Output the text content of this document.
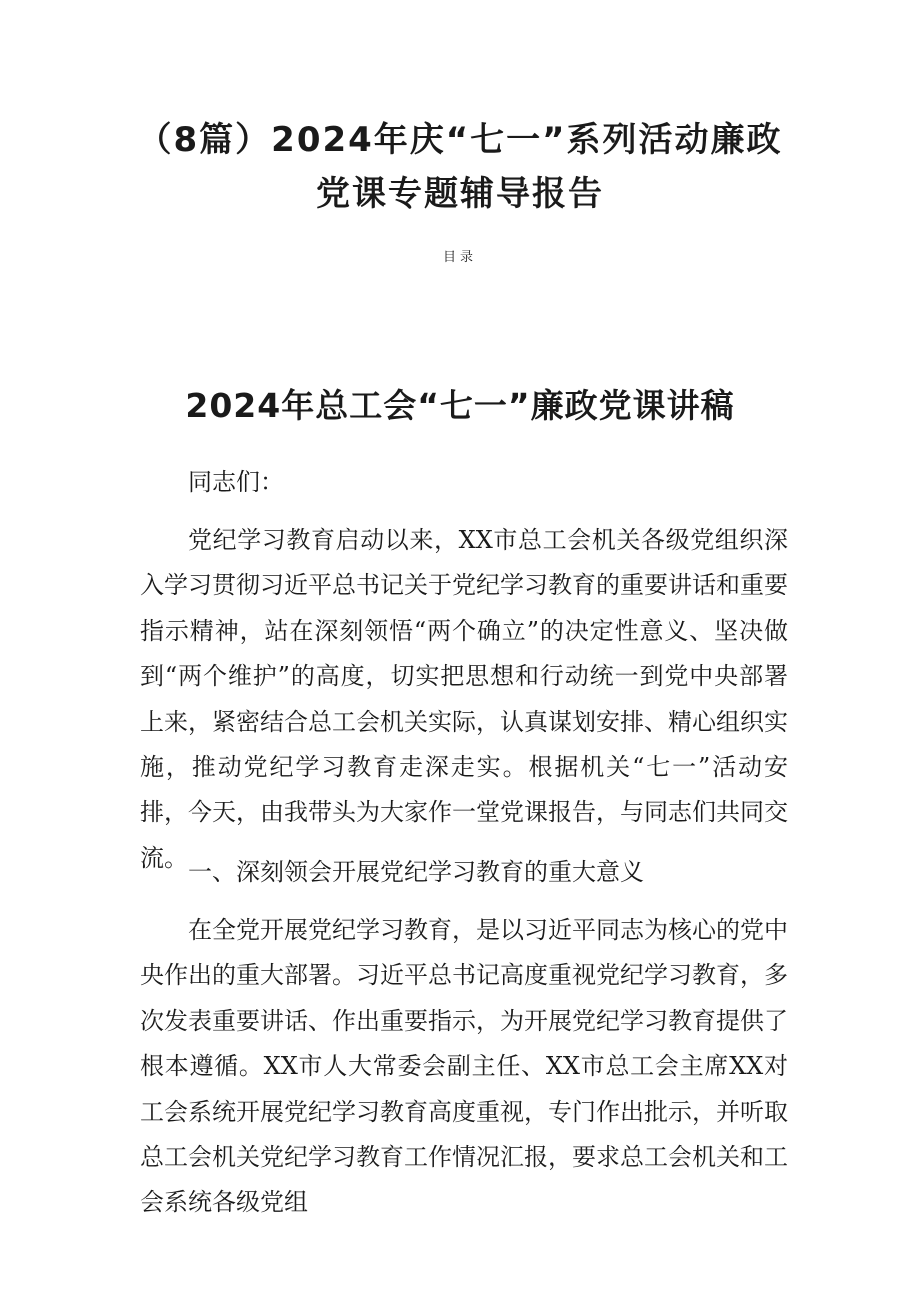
（8篇）2024年庆“七一”系列活动廉政
党课专题辅导报告

目录

2024年总工会“七一”廉政党课讲稿

同志们：

党纪学习教育启动以来，XX市总工会机关各级党组织深入学习贯彻习近平总书记关于党纪学习教育的重要讲话和重要指示精神，站在深刻领悟“两个确立”的决定性意义、坚决做到“两个维护”的高度，切实把思想和行动统一到党中央部署上来，紧密结合总工会机关实际，认真谋划安排、精心组织实施，推动党纪学习教育走深走实。根据机关“七一”活动安排，今天，由我带头为大家作一堂党课报告，与同志们共同交流。

一、深刻领会开展党纪学习教育的重大意义

在全党开展党纪学习教育，是以习近平同志为核心的党中央作出的重大部署。习近平总书记高度重视党纪学习教育，多次发表重要讲话、作出重要指示，为开展党纪学习教育提供了根本遵循。XX市人大常委会副主任、XX市总工会主席XX对工会系统开展党纪学习教育高度重视，专门作出批示，并听取总工会机关党纪学习教育工作情况汇报，要求总工会机关和工会系统各级党组
